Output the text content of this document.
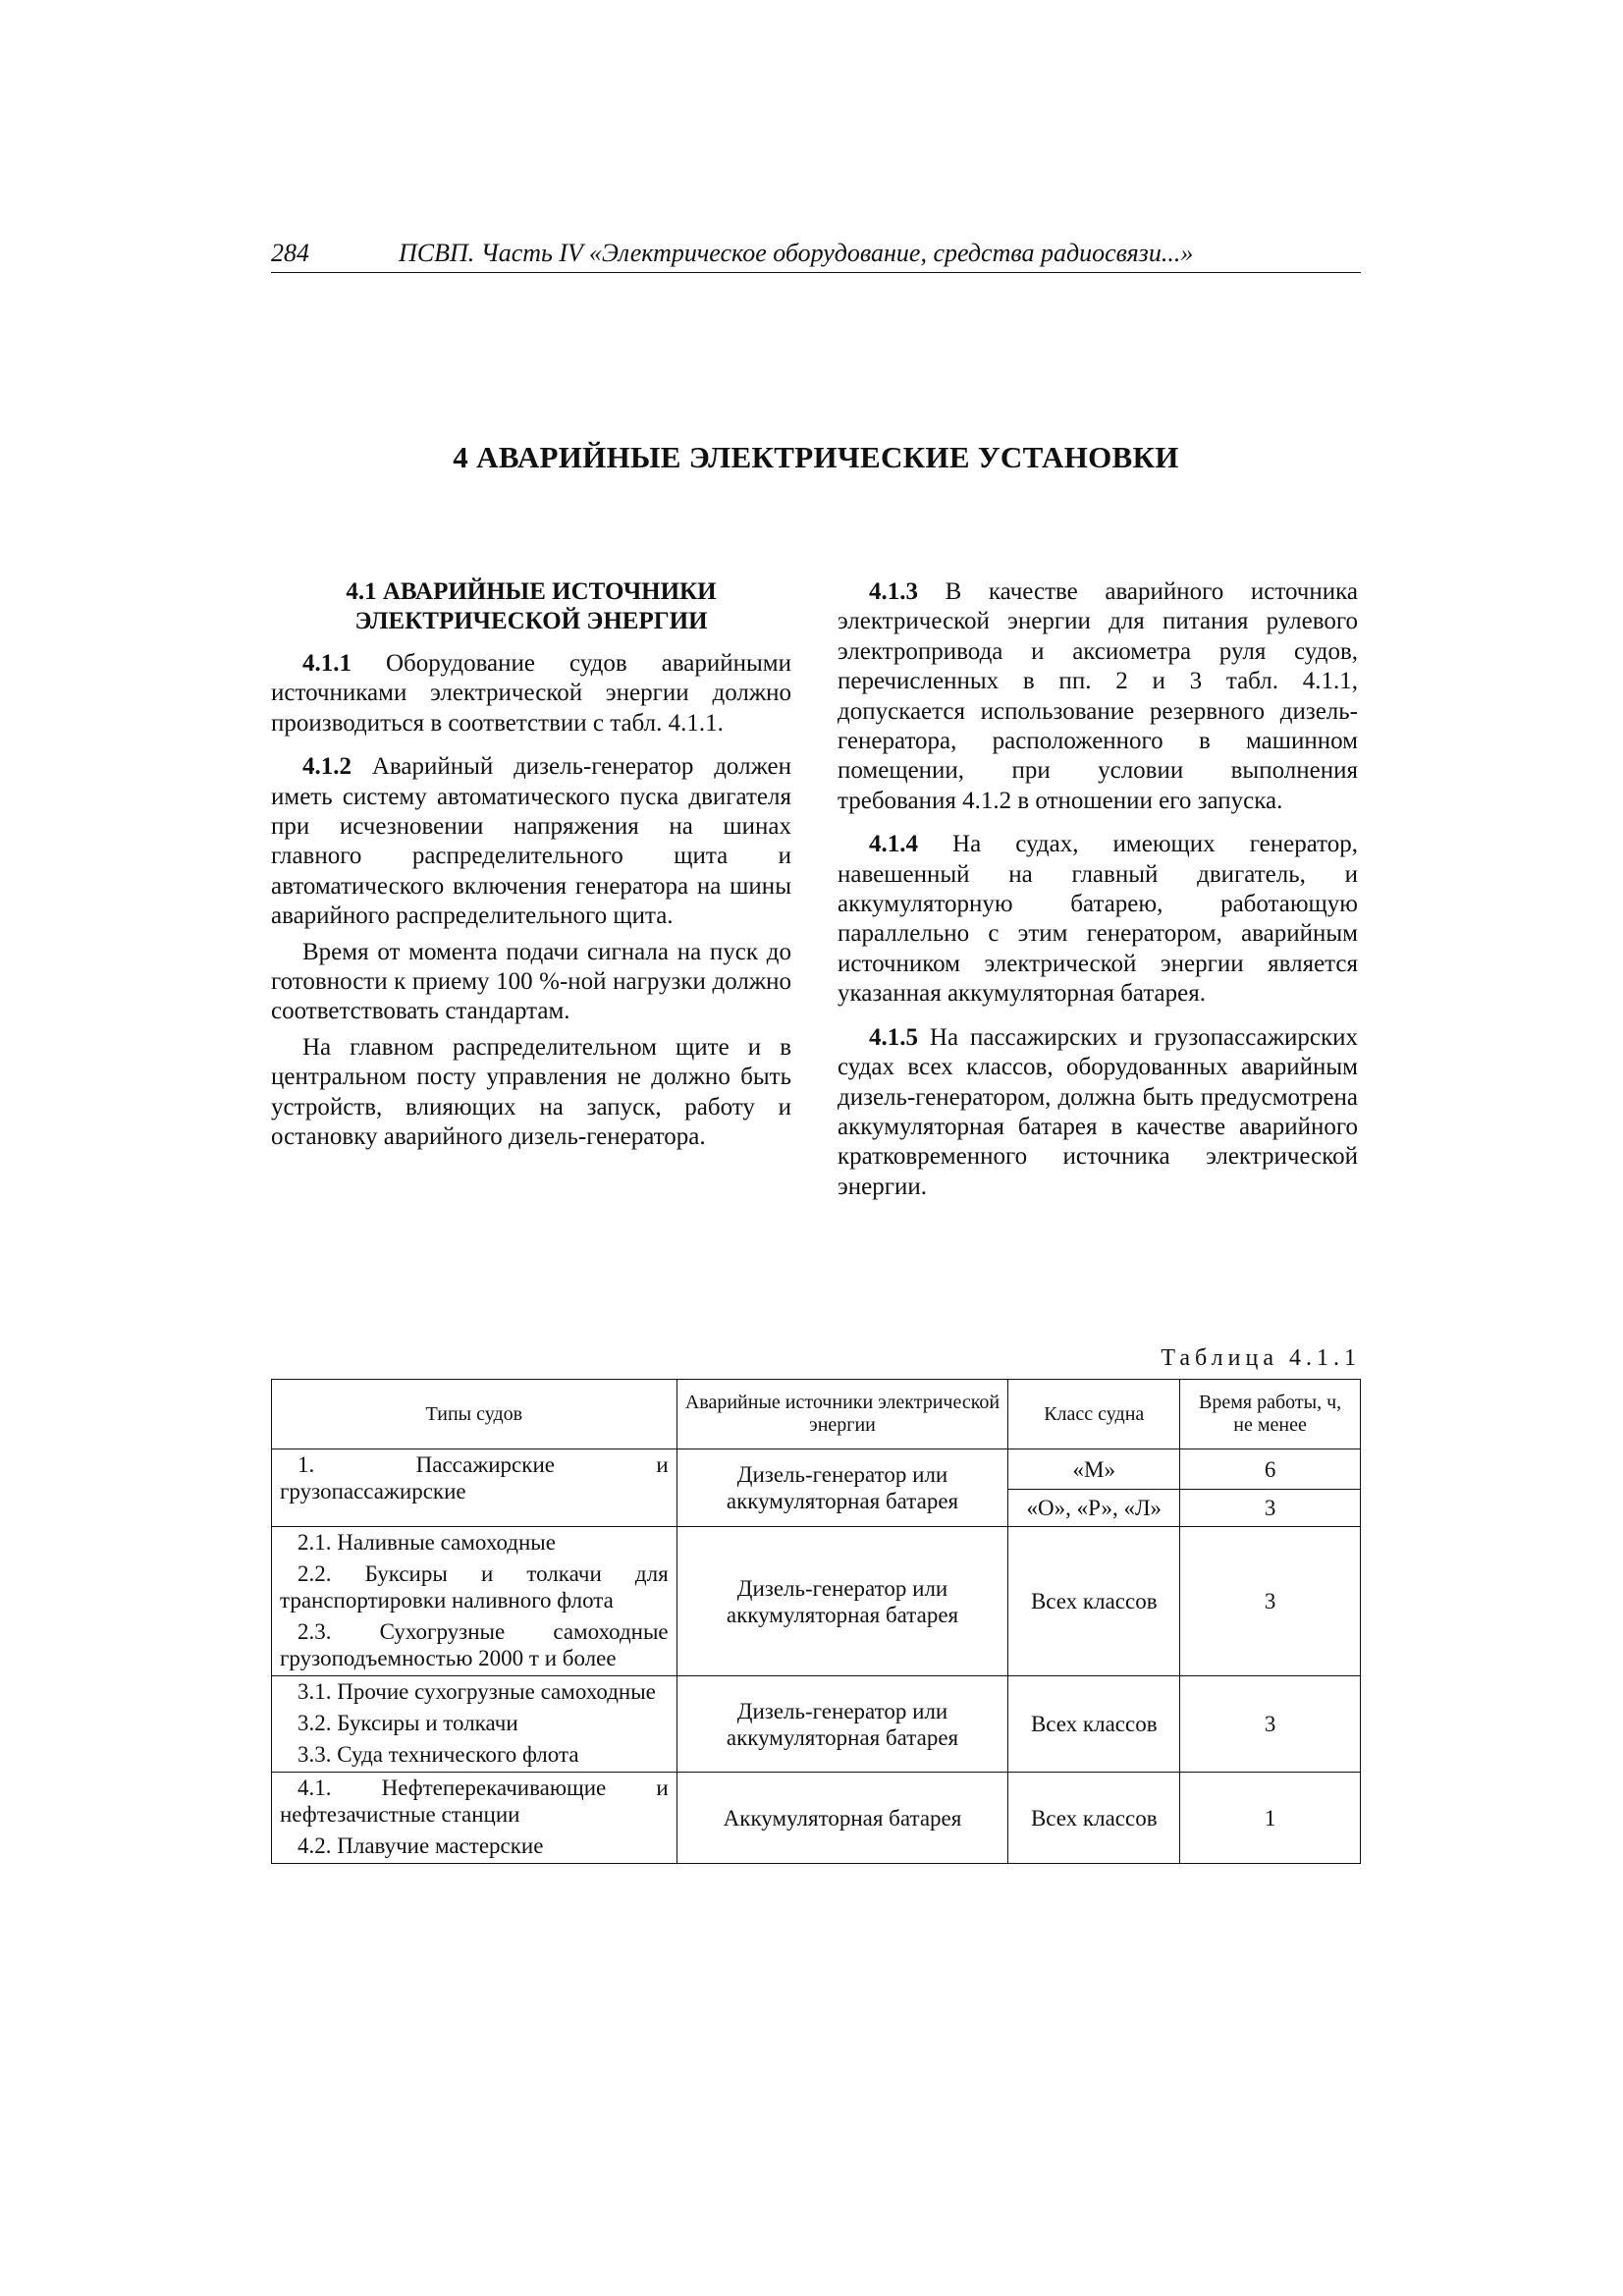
284	ПСВП. Часть IV «Электрическое оборудование, средства радиосвязи...»
4 АВАРИЙНЫЕ ЭЛЕКТРИЧЕСКИЕ УСТАНОВКИ
4.1 АВАРИЙНЫЕ ИСТОЧНИКИ
ЭЛЕКТРИЧЕСКОЙ ЭНЕРГИИ

4.1.1 Оборудование судов аварийными источниками электрической энергии должно производиться в соответствии с табл. 4.1.1.

4.1.2 Аварийный дизель-генератор должен иметь систему автоматического пуска двигателя при исчезновении напряжения на шинах главного распределительного щита и автоматического включения генератора на шины аварийного распределительного щита.

Время от момента подачи сигнала на пуск до готовности к приему 100 %-ной нагрузки должно соответствовать стандартам.

На главном распределительном щите и в центральном посту управления не должно быть устройств, влияющих на запуск, работу и остановку аварийного дизель-генератора.

4.1.3 В качестве аварийного источника электрической энергии для питания рулевого электропривода и аксиометра руля судов, перечисленных в пп. 2 и 3 табл. 4.1.1, допускается использование резервного дизель-генератора, расположенного в машинном помещении, при условии выполнения требования 4.1.2 в отношении его запуска.

4.1.4 На судах, имеющих генератор, навешенный на главный двигатель, и аккумуляторную батарею, работающую параллельно с этим генератором, аварийным источником электрической энергии является указанная аккумуляторная батарея.

4.1.5 На пассажирских и грузопассажирских судах всех классов, оборудованных аварийным дизель-генератором, должна быть предусмотрена аккумуляторная батарея в качестве аварийного кратковременного источника электрической энергии.

Таблица 4.1.1
Типы судов	Аварийные источники электрической энергии	Класс судна	Время работы, ч, не менее

1. Пассажирские и грузопассажирские	Дизель-генератор или аккумуляторная батарея	«М»	6
		«О», «Р», «Л»	3

2.1. Наливные самоходные
2.2. Буксиры и толкачи для транспортировки наливного флота
2.3. Сухогрузные самоходные грузоподъемностью 2000 т и более	Дизель-генератор или аккумуляторная батарея	Всех классов	3

3.1. Прочие сухогрузные самоходные
3.2. Буксиры и толкачи
3.3. Суда технического флота	Дизель-генератор или аккумуляторная батарея	Всех классов	3

4.1. Нефтеперекачивающие и нефтезачистные станции
4.2. Плавучие мастерские	Аккумуляторная батарея	Всех классов	1
